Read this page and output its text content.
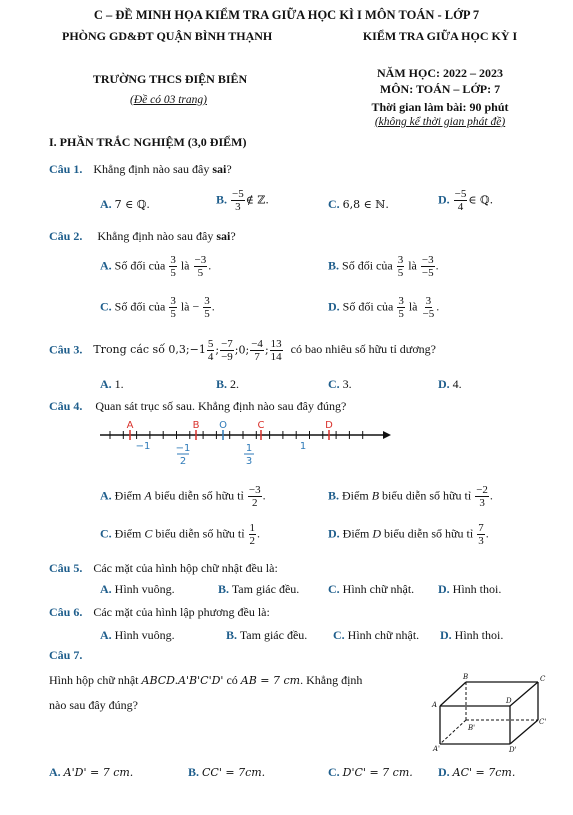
C – ĐỀ MINH HỌA KIỂM TRA GIỮA HỌC KÌ I MÔN TOÁN - LỚP 7
PHÒNG GD&ĐT QUẬN BÌNH THẠNH
TRƯỜNG THCS ĐIỆN BIÊN
(Đề có 03 trang)
KIỂM TRA GIỮA HỌC KỲ I
NĂM HỌC: 2022 – 2023
MÔN: TOÁN – LỚP: 7
Thời gian làm bài: 90 phút
(không kể thời gian phát đề)
I. PHẦN TRẮC NGHIỆM (3,0 ĐIỂM)
Câu 1. Khẳng định nào sau đây sai?
A. 7 ∈ ℚ.	B. $\frac{-5}{3}$ ∉ ℤ.	C. 6,8 ∈ ℕ.	D. $\frac{-5}{4}$ ∈ ℚ.
Câu 2. Khẳng định nào sau đây sai?
A. Số đối của $\frac{3}{5}$ là $\frac{-3}{5}$ .	B. Số đối của $\frac{3}{5}$ là $\frac{-3}{-5}$ .
C. Số đối của $\frac{3}{5}$ là − $\frac{3}{5}$ .	D. Số đối của $\frac{3}{5}$ là $\frac{3}{-5}$ .
Câu 3. Trong các số 0,3;−1 $\frac{5}{4}$ ; $\frac{-7}{-9}$ ;0; $\frac{-4}{7}$ ; $\frac{13}{14}$ có bao nhiêu số hữu tỉ dương?
A. 1.	B. 2.	C. 3.	D. 4.
Câu 4. Quan sát trục số sau. Khẳng định nào sau đây đúng?
A	B O	C	D
−1	1
−1
2
1
3
A. Điểm A biểu diễn số hữu tỉ $\frac{-3}{2}$ .	B. Điểm B biểu diễn số hữu tỉ $\frac{-2}{3}$ .
C. Điểm C biểu diễn số hữu tỉ $\frac{1}{2}$ .	D. Điểm D biểu diễn số hữu tỉ $\frac{7}{3}$ .
Câu 5. Các mặt của hình hộp chữ nhật đều là:
A. Hình vuông.	B. Tam giác đều. C. Hình chữ nhật. D. Hình thoi.
Câu 6. Các mặt của hình lập phương đều là:
A. Hình vuông.	B. Tam giác đều. C. Hình chữ nhật. D. Hình thoi.
Câu 7.
Hình hộp chữ nhật ABCD.A'B'C'D' có AB = 7 cm. Khẳng định
nào sau đây đúng?
B	C
A	D
B'
C'
A'	D'
A. A'D' = 7 cm.	B. CC' = 7cm.	C. D'C' = 7 cm. D. AC' = 7cm.
